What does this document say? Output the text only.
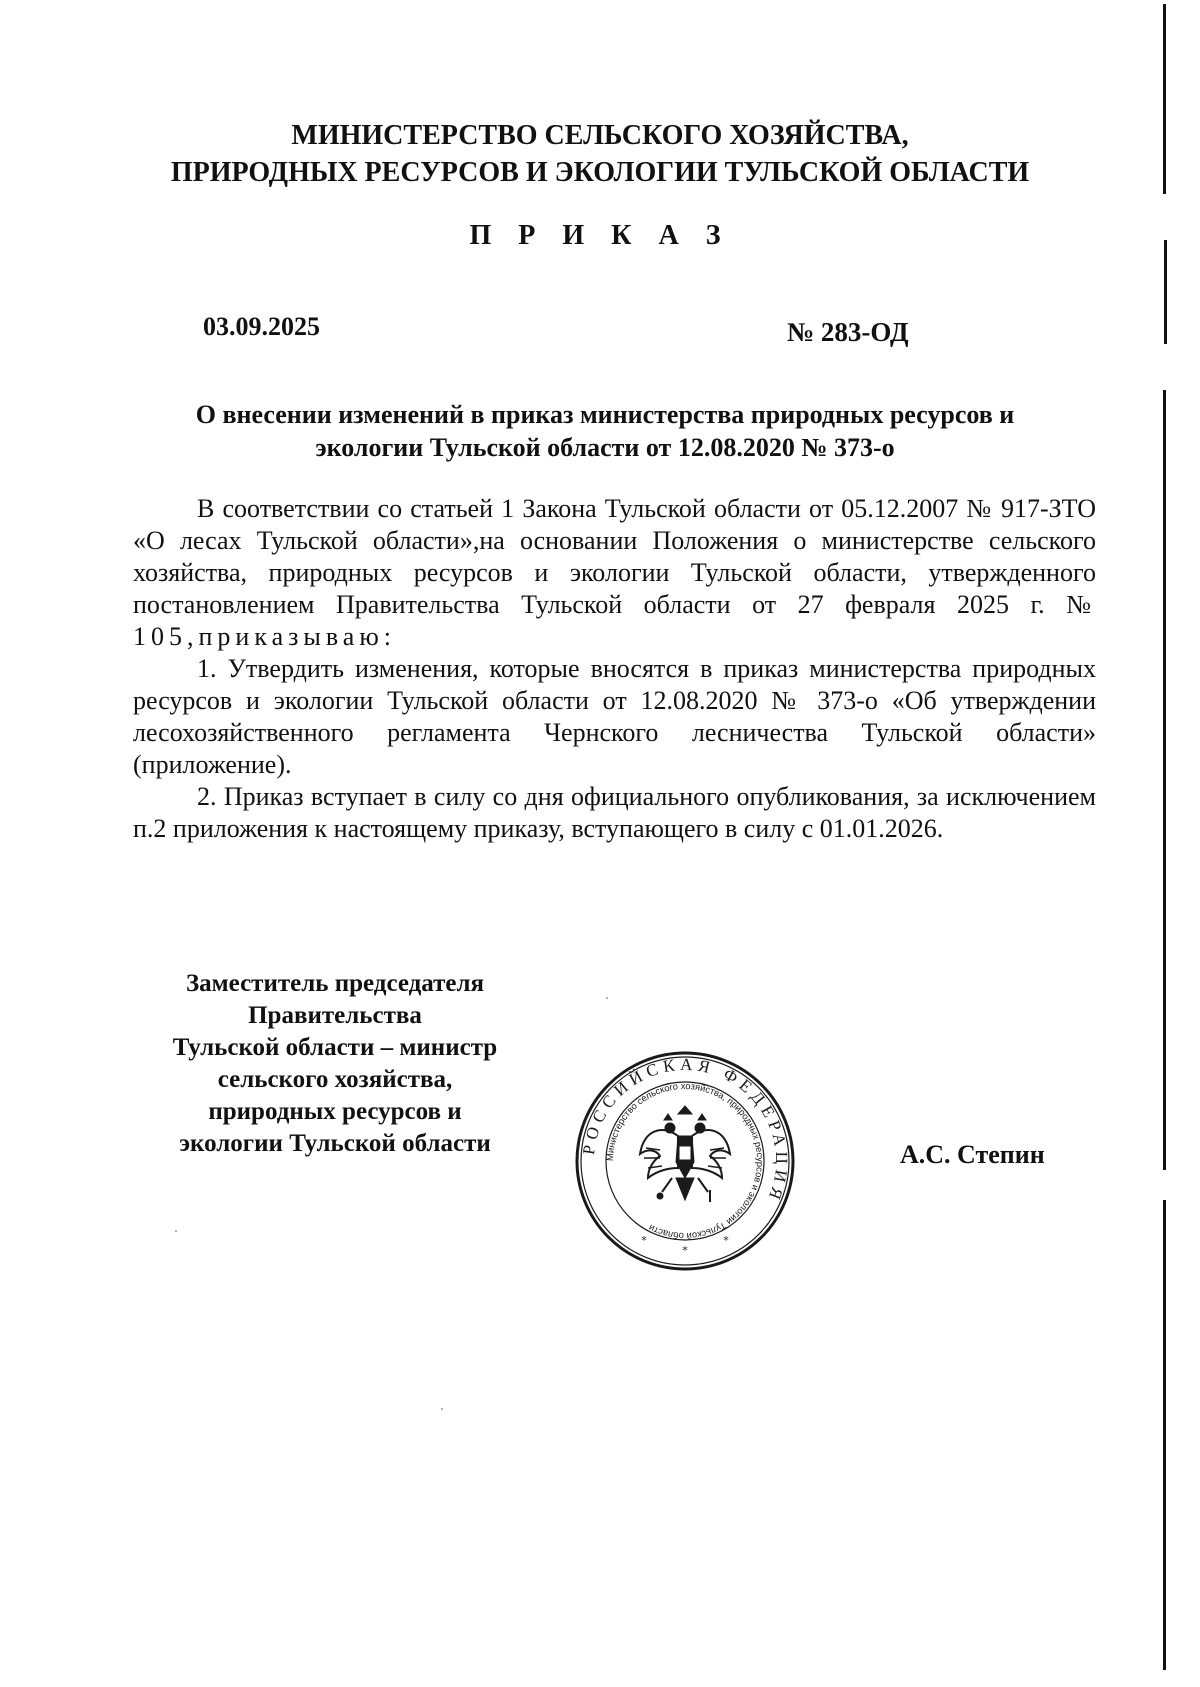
МИНИСТЕРСТВО СЕЛЬСКОГО ХОЗЯЙСТВА,
ПРИРОДНЫХ РЕСУРСОВ И ЭКОЛОГИИ ТУЛЬСКОЙ ОБЛАСТИ
П Р И К А З
03.09.2025	№ 283-ОД
О внесении изменений в приказ министерства природных ресурсов и
экологии Тульской области от 12.08.2020 № 373-о

В соответствии со статьей 1 Закона Тульской области от 05.12.2007 № 917-ЗТО «О лесах Тульской области»,на основании Положения о министерстве сельского хозяйства, природных ресурсов и экологии Тульской области, утвержденного постановлением Правительства Тульской области от 27 февраля 2025 г. № 105,приказываю:

1. Утвердить изменения, которые вносятся в приказ министерства природных ресурсов и экологии Тульской области от 12.08.2020 № 373-о «Об утверждении лесохозяйственного регламента Чернского лесничества Тульской области» (приложение).

2. Приказ вступает в силу со дня официального опубликования, за исключением п.2 приложения к настоящему приказу, вступающего в силу с 01.01.2026.

Заместитель председателя
Правительства
Тульской области – министр
сельского хозяйства,
природных ресурсов и
экологии Тульской области	А.С. Степин
РОССИЙСКАЯ ФЕДЕРАЦИЯ
Министерство сельского хозяйства, природных ресурсов и экологии Тульской области
*
*	*
